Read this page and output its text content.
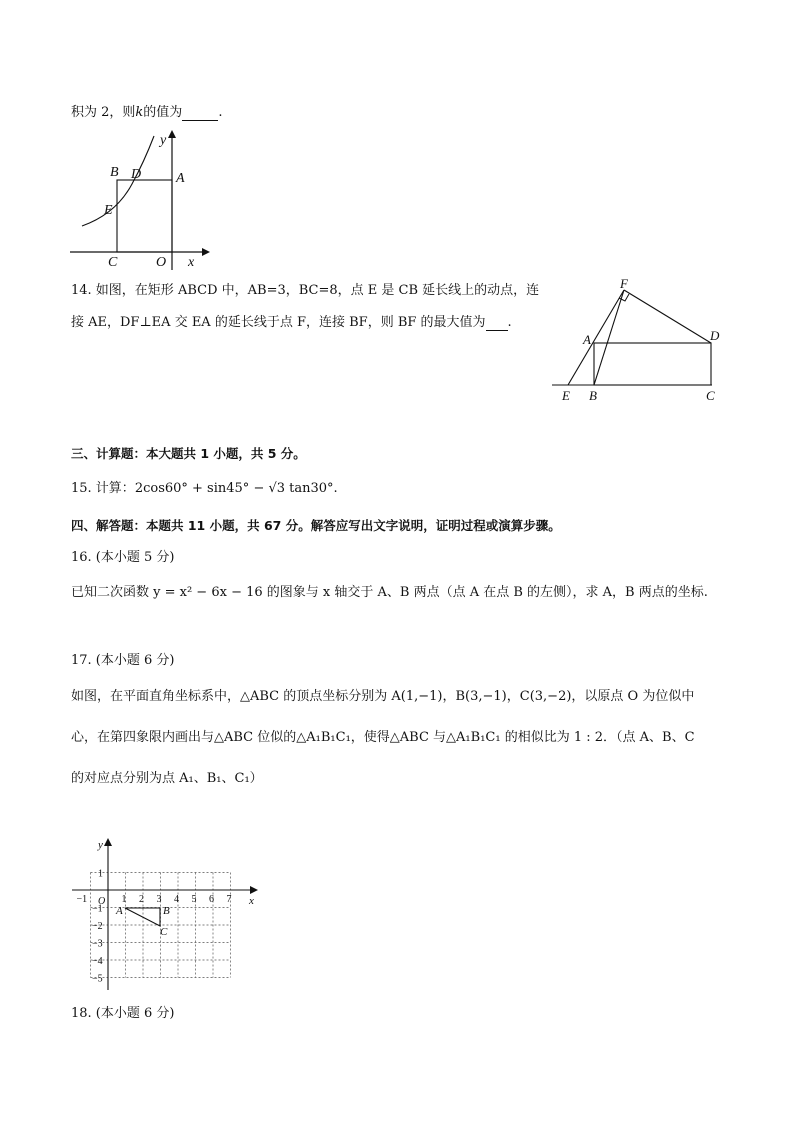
积为 2，则k的值为	.
y
x
B D A
E
C	O
14. 如图，在矩形 ABCD 中，AB=3，BC=8，点 E 是 CB 延长线上的动点，连
接 AE，DF⊥EA 交 EA 的延长线于点 F，连接 BF，则 BF 的最大值为 .
F
A	D
E B	C
三、计算题：本大题共 1 小题，共 5 分。
15. 计算：2cos60° + sin45° − √3 tan30°.
四、解答题：本题共 11 小题，共 67 分。解答应写出文字说明，证明过程或演算步骤。
16. (本小题 5 分)
已知二次函数 y = x² − 6x − 16 的图象与 x 轴交于 A、B 两点（点 A 在点 B 的左侧），求 A，B 两点的坐标.
17. (本小题 6 分)
如图，在平面直角坐标系中，△ABC 的顶点坐标分别为 A(1,−1)，B(3,−1)，C(3,−2)，以原点 O 为位似中
心，在第四象限内画出与△ABC 位似的△A₁B₁C₁，使得△ABC 与△A₁B₁C₁ 的相似比为 1 : 2．（点 A、B、C
的对应点分别为点 A₁、B₁、C₁）
−1	1 2 3 4 5 6 7
1
−1
−2
−3
−4
−5
y
x
O
A	B
C
18. (本小题 6 分)
